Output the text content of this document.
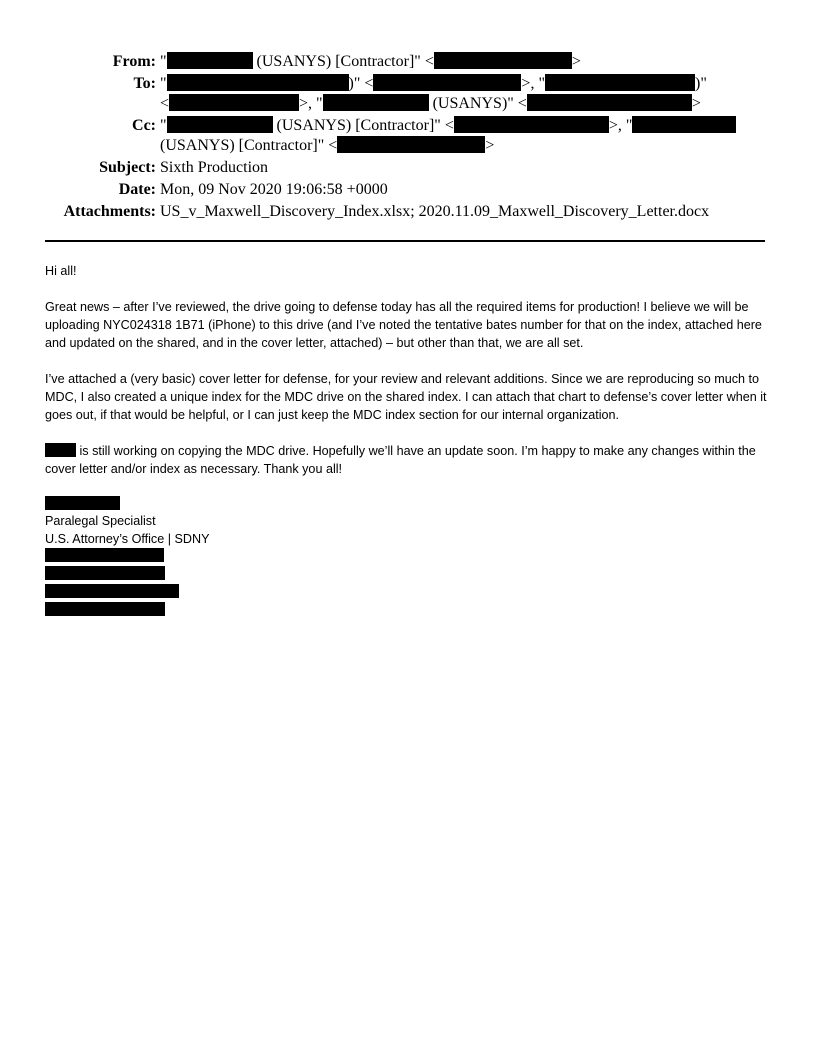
From: "	(USANYS) [Contractor]" <	>
To: "	)" <	>, "	)"
<	>, "	(USANYS)" <	>
Cc: "	(USANYS) [Contractor]" <	>, "
(USANYS) [Contractor]" <	>
Subject: Sixth Production
Date: Mon, 09 Nov 2020 19:06:58 +0000
Attachments: US_v_Maxwell_Discovery_Index.xlsx; 2020.11.09_Maxwell_Discovery_Letter.docx

Hi all!

Great news – after I’ve reviewed, the drive going to defense today has all the required items for production! I believe we will be uploading NYC024318 1B71 (iPhone) to this drive (and I’ve noted the tentative bates number for that on the index, attached here and updated on the shared, and in the cover letter, attached) – but other than that, we are all set.

I’ve attached a (very basic) cover letter for defense, for your review and relevant additions. Since we are reproducing so much to MDC, I also created a unique index for the MDC drive on the shared index. I can attach that chart to defense’s cover letter when it goes out, if that would be helpful, or I can just keep the MDC index section for our internal organization.

is still working on copying the MDC drive. Hopefully we’ll have an update soon. I’m happy to make any changes within the cover letter and/or index as necessary. Thank you all!

Paralegal Specialist
U.S. Attorney’s Office | SDNY
